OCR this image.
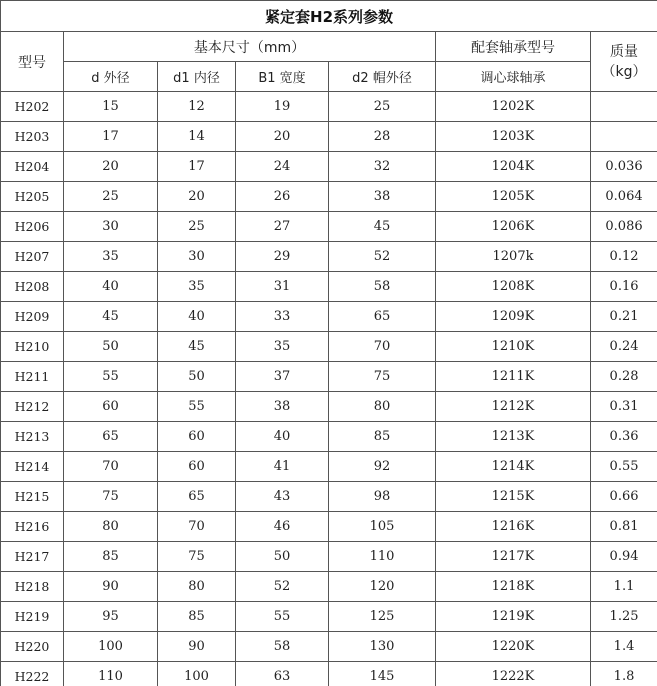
紧定套H2系列参数						
型号	基本尺寸（mm）				配套轴承型号	质量
（kg）
	d 外径	d1 内径	B1 宽度	d2 帽外径	调心球轴承	
H202	15	12	19	25	1202K	
H203	17	14	20	28	1203K	
H204	20	17	24	32	1204K	0.036
H205	25	20	26	38	1205K	0.064
H206	30	25	27	45	1206K	0.086
H207	35	30	29	52	1207k	0.12
H208	40	35	31	58	1208K	0.16
H209	45	40	33	65	1209K	0.21
H210	50	45	35	70	1210K	0.24
H211	55	50	37	75	1211K	0.28
H212	60	55	38	80	1212K	0.31
H213	65	60	40	85	1213K	0.36
H214	70	60	41	92	1214K	0.55
H215	75	65	43	98	1215K	0.66
H216	80	70	46	105	1216K	0.81
H217	85	75	50	110	1217K	0.94
H218	90	80	52	120	1218K	1.1
H219	95	85	55	125	1219K	1.25
H220	100	90	58	130	1220K	1.4
H222	110	100	63	145	1222K	1.8
